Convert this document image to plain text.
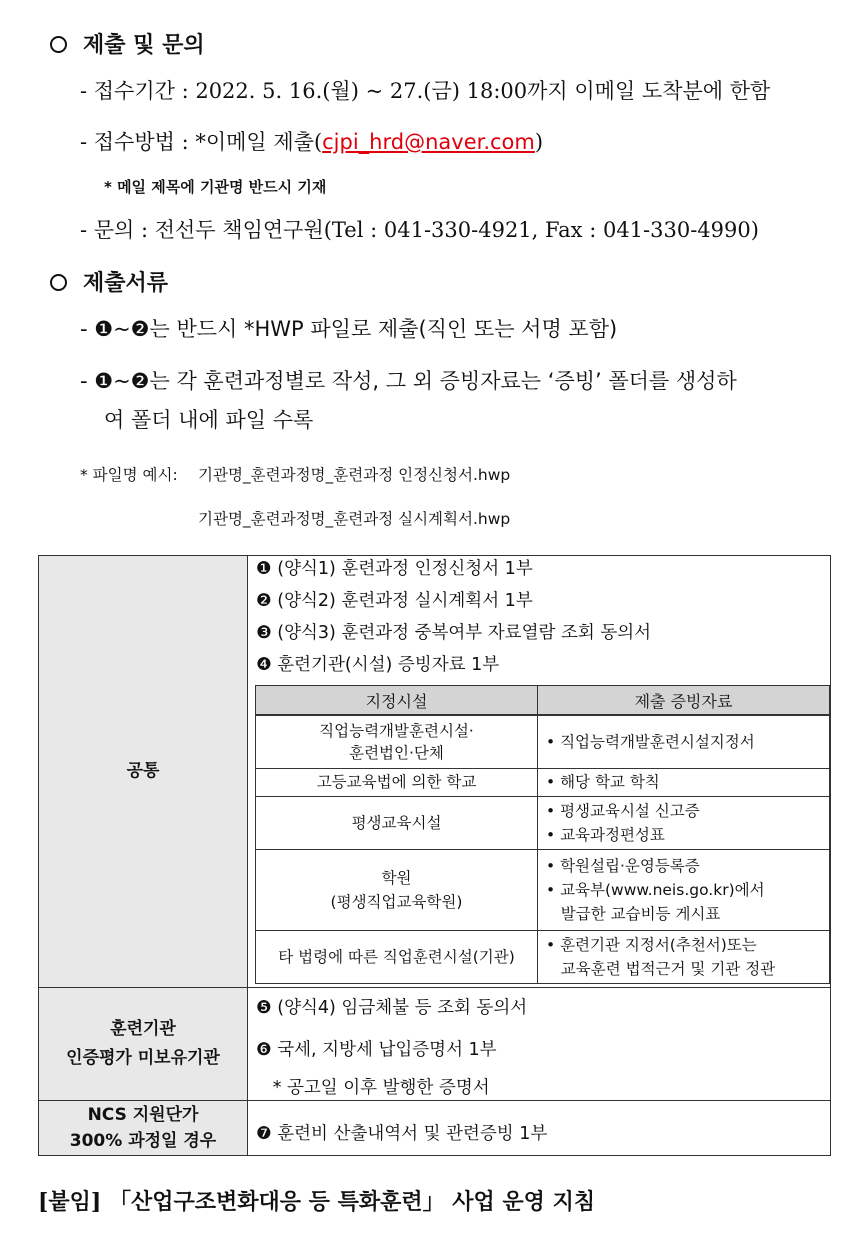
제출 및 문의
- 접수기간 : 2022. 5. 16.(월) ~ 27.(금) 18:00까지 이메일 도착분에 한함
- 접수방법 : *이메일 제출(cjpi_hrd@naver.com)
* 메일 제목에 기관명 반드시 기재
- 문의 : 전선두 책임연구원(Tel : 041-330-4921, Fax : 041-330-4990)
제출서류
- ❶~❷는 반드시 *HWP 파일로 제출(직인 또는 서명 포함)
- ❶~❷는 각 훈련과정별로 작성, 그 외 증빙자료는 ‘증빙’ 폴더를 생성하
여 폴더 내에 파일 수록
* 파일명 예시: 기관명_훈련과정명_훈련과정 인정신청서.hwp
기관명_훈련과정명_훈련과정 실시계획서.hwp
공통
훈련기관
인증평가 미보유기관
NCS 지원단가
300% 과정일 경우
❶ (양식1) 훈련과정 인정신청서 1부
❷ (양식2) 훈련과정 실시계획서 1부
❸ (양식3) 훈련과정 중복여부 자료열람 조회 동의서
❹ 훈련기관(시설) 증빙자료 1부
지정시설	제출 증빙자료
직업능력개발훈련시설·
훈련법인·단체
• 직업능력개발훈련시설지정서
고등교육법에 의한 학교	• 해당 학교 학칙
평생교육시설
• 평생교육시설 신고증
• 교육과정편성표
학원
(평생직업교육학원)
• 학원설립·운영등록증
• 교육부(www.neis.go.kr)에서
발급한 교습비등 게시표
타 법령에 따른 직업훈련시설(기관)
• 훈련기관 지정서(추천서)또는
교육훈련 법적근거 및 기관 정관
❺ (양식4) 임금체불 등 조회 동의서
❻ 국세, 지방세 납입증명서 1부
* 공고일 이후 발행한 증명서
❼ 훈련비 산출내역서 및 관련증빙 1부
[붙임] 「산업구조변화대응 등 특화훈련」 사업 운영 지침
